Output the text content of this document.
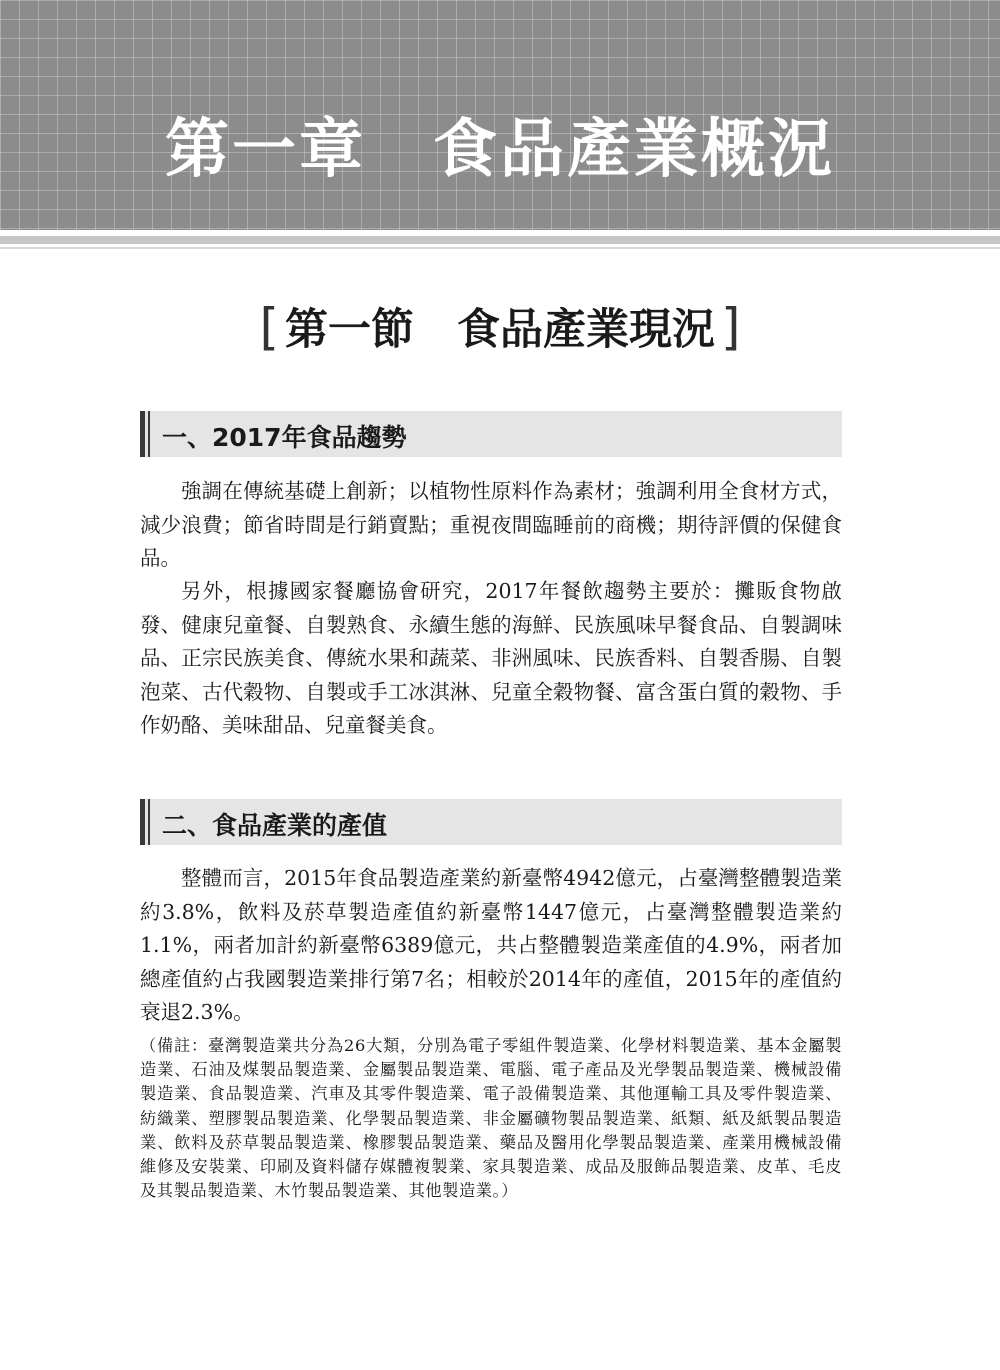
第一章　食品產業概況
[ 第一節　食品產業現況 ]
一、2017年食品趨勢

強調在傳統基礎上創新；以植物性原料作為素材；強調利用全食材方式，減少浪費；節省時間是行銷賣點；重視夜間臨睡前的商機；期待評價的保健食品。

另外，根據國家餐廳協會研究，2017年餐飲趨勢主要於：攤販食物啟發、健康兒童餐、自製熟食、永續生態的海鮮、民族風味早餐食品、自製調味品、正宗民族美食、傳統水果和蔬菜、非洲風味、民族香料、自製香腸、自製泡菜、古代穀物、自製或手工冰淇淋、兒童全穀物餐、富含蛋白質的穀物、手作奶酪、美味甜品、兒童餐美食。

二、食品產業的產值

整體而言，2015年食品製造產業約新臺幣4942億元，占臺灣整體製造業約3.8%，飲料及菸草製造產值約新臺幣1447億元，占臺灣整體製造業約1.1%，兩者加計約新臺幣6389億元，共占整體製造業產值的4.9%，兩者加總產值約占我國製造業排行第7名；相較於2014年的產值，2015年的產值約衰退2.3%。

（備註：臺灣製造業共分為26大類，分別為電子零組件製造業、化學材料製造業、基本金屬製造業、石油及煤製品製造業、金屬製品製造業、電腦、電子產品及光學製品製造業、機械設備製造業、食品製造業、汽車及其零件製造業、電子設備製造業、其他運輸工具及零件製造業、紡織業、塑膠製品製造業、化學製品製造業、非金屬礦物製品製造業、紙類、紙及紙製品製造業、飲料及菸草製品製造業、橡膠製品製造業、藥品及醫用化學製品製造業、產業用機械設備維修及安裝業、印刷及資料儲存媒體複製業、家具製造業、成品及服飾品製造業、皮革、毛皮及其製品製造業、木竹製品製造業、其他製造業。）
